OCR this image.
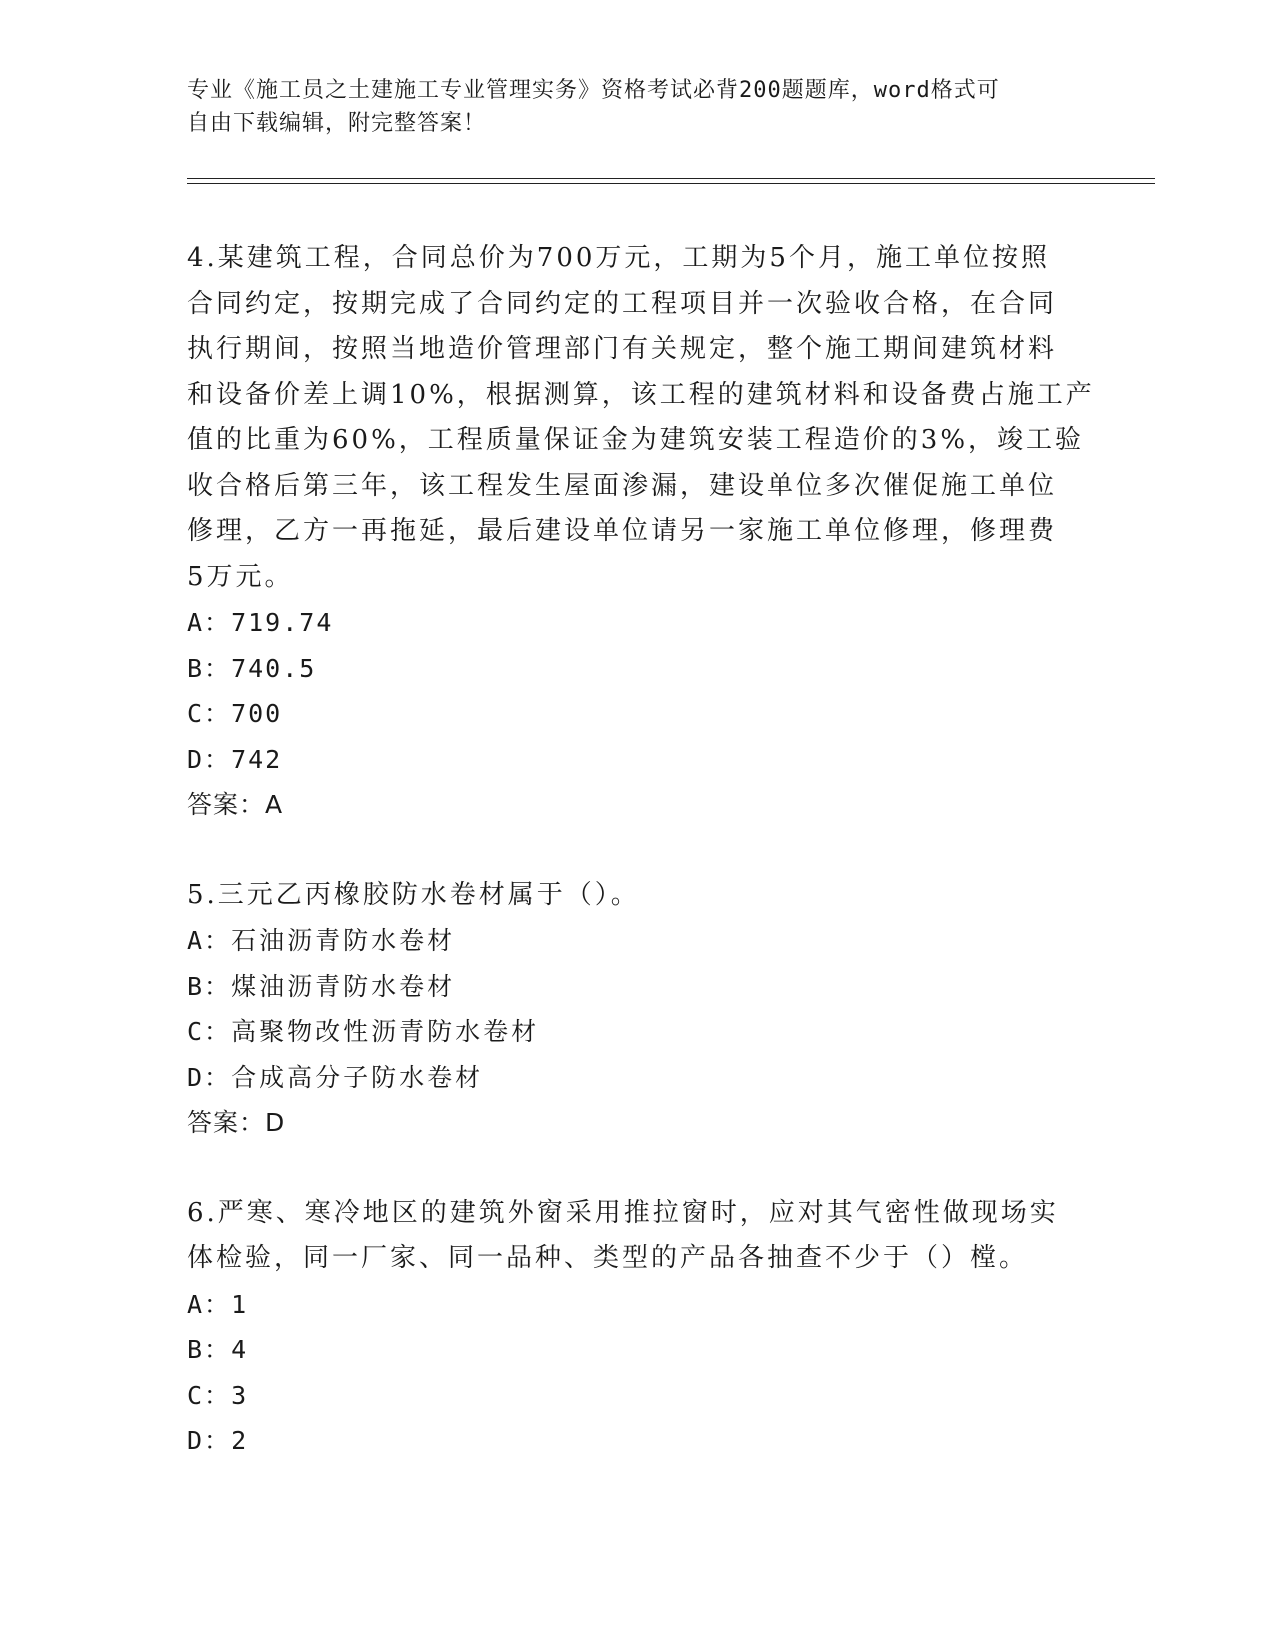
专业《施工员之土建施工专业管理实务》资格考试必背200题题库，word格式可
自由下载编辑，附完整答案！
4.某建筑工程，合同总价为700万元，工期为5个月，施工单位按照
合同约定，按期完成了合同约定的工程项目并一次验收合格，在合同
执行期间，按照当地造价管理部门有关规定，整个施工期间建筑材料
和设备价差上调10%，根据测算，该工程的建筑材料和设备费占施工产
值的比重为60%，工程质量保证金为建筑安装工程造价的3%，竣工验
收合格后第三年，该工程发生屋面渗漏，建设单位多次催促施工单位
修理，乙方一再拖延，最后建设单位请另一家施工单位修理，修理费
5万元。
A：719.74
B：740.5
C：700
D：742
答案：A
5.三元乙丙橡胶防水卷材属于（）。
A：石油沥青防水卷材
B：煤油沥青防水卷材
C：高聚物改性沥青防水卷材
D：合成高分子防水卷材
答案：D
6.严寒、寒冷地区的建筑外窗采用推拉窗时，应对其气密性做现场实
体检验，同一厂家、同一品种、类型的产品各抽查不少于（）樘。
A：1
B：4
C：3
D：2
